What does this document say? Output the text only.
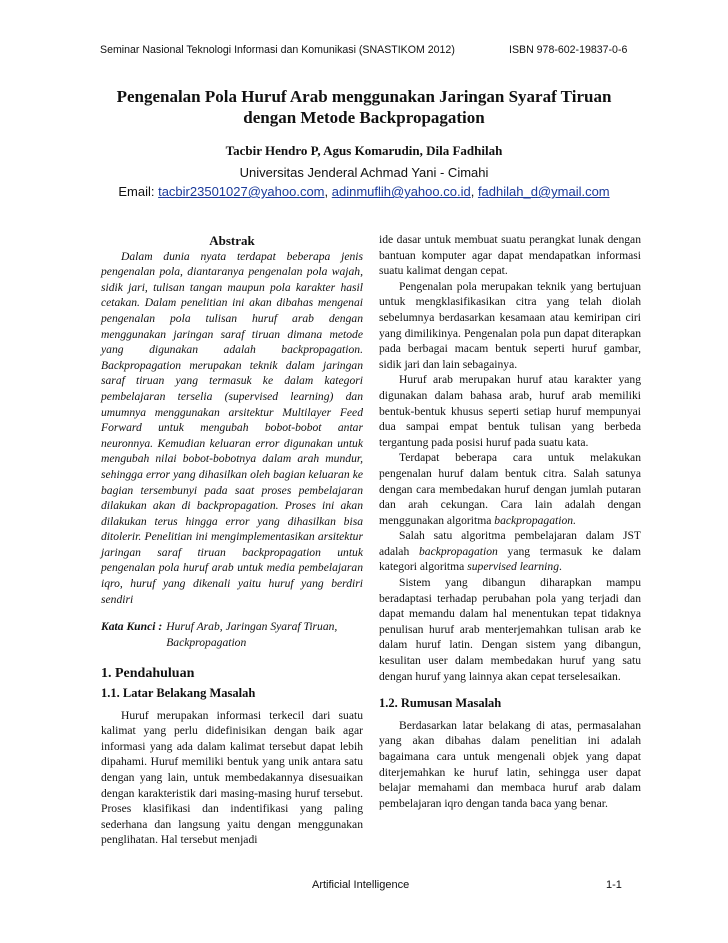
Seminar Nasional Teknologi Informasi dan Komunikasi (SNASTIKOM 2012)	ISBN 978-602-19837-0-6
Pengenalan Pola Huruf Arab menggunakan Jaringan Syaraf Tiruan
dengan Metode Backpropagation
Tacbir Hendro P, Agus Komarudin, Dila Fadhilah
Universitas Jenderal Achmad Yani - Cimahi
Email: tacbir23501027@yahoo.com, adinmuflih@yahoo.co.id, fadhilah_d@ymail.com

Abstrak

Dalam dunia nyata terdapat beberapa jenis pengenalan pola, diantaranya pengenalan pola wajah, sidik jari, tulisan tangan maupun pola karakter hasil cetakan. Dalam penelitian ini akan dibahas mengenai pengenalan pola tulisan huruf arab dengan menggunakan jaringan saraf tiruan dimana metode yang digunakan adalah backpropagation. Backpropagation merupakan teknik dalam jaringan saraf tiruan yang termasuk ke dalam kategori pembelajaran terselia (supervised learning) dan umumnya menggunakan arsitektur Multilayer Feed Forward untuk mengubah bobot-bobot antar neuronnya. Kemudian keluaran error digunakan untuk mengubah nilai bobot-bobotnya dalam arah mundur, sehingga error yang dihasilkan oleh bagian keluaran ke bagian tersembunyi pada saat proses pembelajaran dilakukan akan di backpropagation. Proses ini akan dilakukan terus hingga error yang dihasilkan bisa ditolerir. Penelitian ini mengimplementasikan arsitektur jaringan saraf tiruan backpropagation untuk pengenalan pola huruf arab untuk media pembelajaran iqro, huruf yang dikenali yaitu huruf yang berdiri sendiri

Kata Kunci : Huruf Arab, Jaringan Syaraf Tiruan, Backpropagation

1. Pendahuluan

1.1. Latar Belakang Masalah

Huruf merupakan informasi terkecil dari suatu kalimat yang perlu didefinisikan dengan baik agar informasi yang ada dalam kalimat tersebut dapat lebih dipahami. Huruf memiliki bentuk yang unik antara satu dengan yang lain, untuk membedakannya disesuaikan dengan karakteristik dari masing-masing huruf tersebut. Proses klasifikasi dan indentifikasi yang paling sederhana dan langsung yaitu dengan menggunakan penglihatan. Hal tersebut menjadi

ide dasar untuk membuat suatu perangkat lunak dengan bantuan komputer agar dapat mendapatkan informasi suatu kalimat dengan cepat.

Pengenalan pola merupakan teknik yang bertujuan untuk mengklasifikasikan citra yang telah diolah sebelumnya berdasarkan kesamaan atau kemiripan ciri yang dimilikinya. Pengenalan pola pun dapat diterapkan pada berbagai macam bentuk seperti huruf gambar, sidik jari dan lain sebagainya.

Huruf arab merupakan huruf atau karakter yang digunakan dalam bahasa arab, huruf arab memiliki bentuk-bentuk khusus seperti setiap huruf mempunyai dua sampai empat bentuk tulisan yang berbeda tergantung pada posisi huruf pada suatu kata.

Terdapat beberapa cara untuk melakukan pengenalan huruf dalam bentuk citra. Salah satunya dengan cara membedakan huruf dengan jumlah putaran dan arah cekungan. Cara lain adalah dengan menggunakan algoritma backpropagation.

Salah satu algoritma pembelajaran dalam JST adalah backpropagation yang termasuk ke dalam kategori algoritma supervised learning.

Sistem yang dibangun diharapkan mampu beradaptasi terhadap perubahan pola yang terjadi dan dapat memandu dalam hal menentukan tepat tidaknya penulisan huruf arab menterjemahkan tulisan arab ke dalam huruf latin. Dengan sistem yang dibangun, kesulitan user dalam membedakan huruf yang satu dengan huruf yang lainnya akan cepat terselesaikan.

1.2. Rumusan Masalah

Berdasarkan latar belakang di atas, permasalahan yang akan dibahas dalam penelitian ini adalah bagaimana cara untuk mengenali objek yang dapat diterjemahkan ke huruf latin, sehingga user dapat belajar memahami dan membaca huruf arab dalam pembelajaran iqro dengan tanda baca yang benar.

Artificial Intelligence	1-1
